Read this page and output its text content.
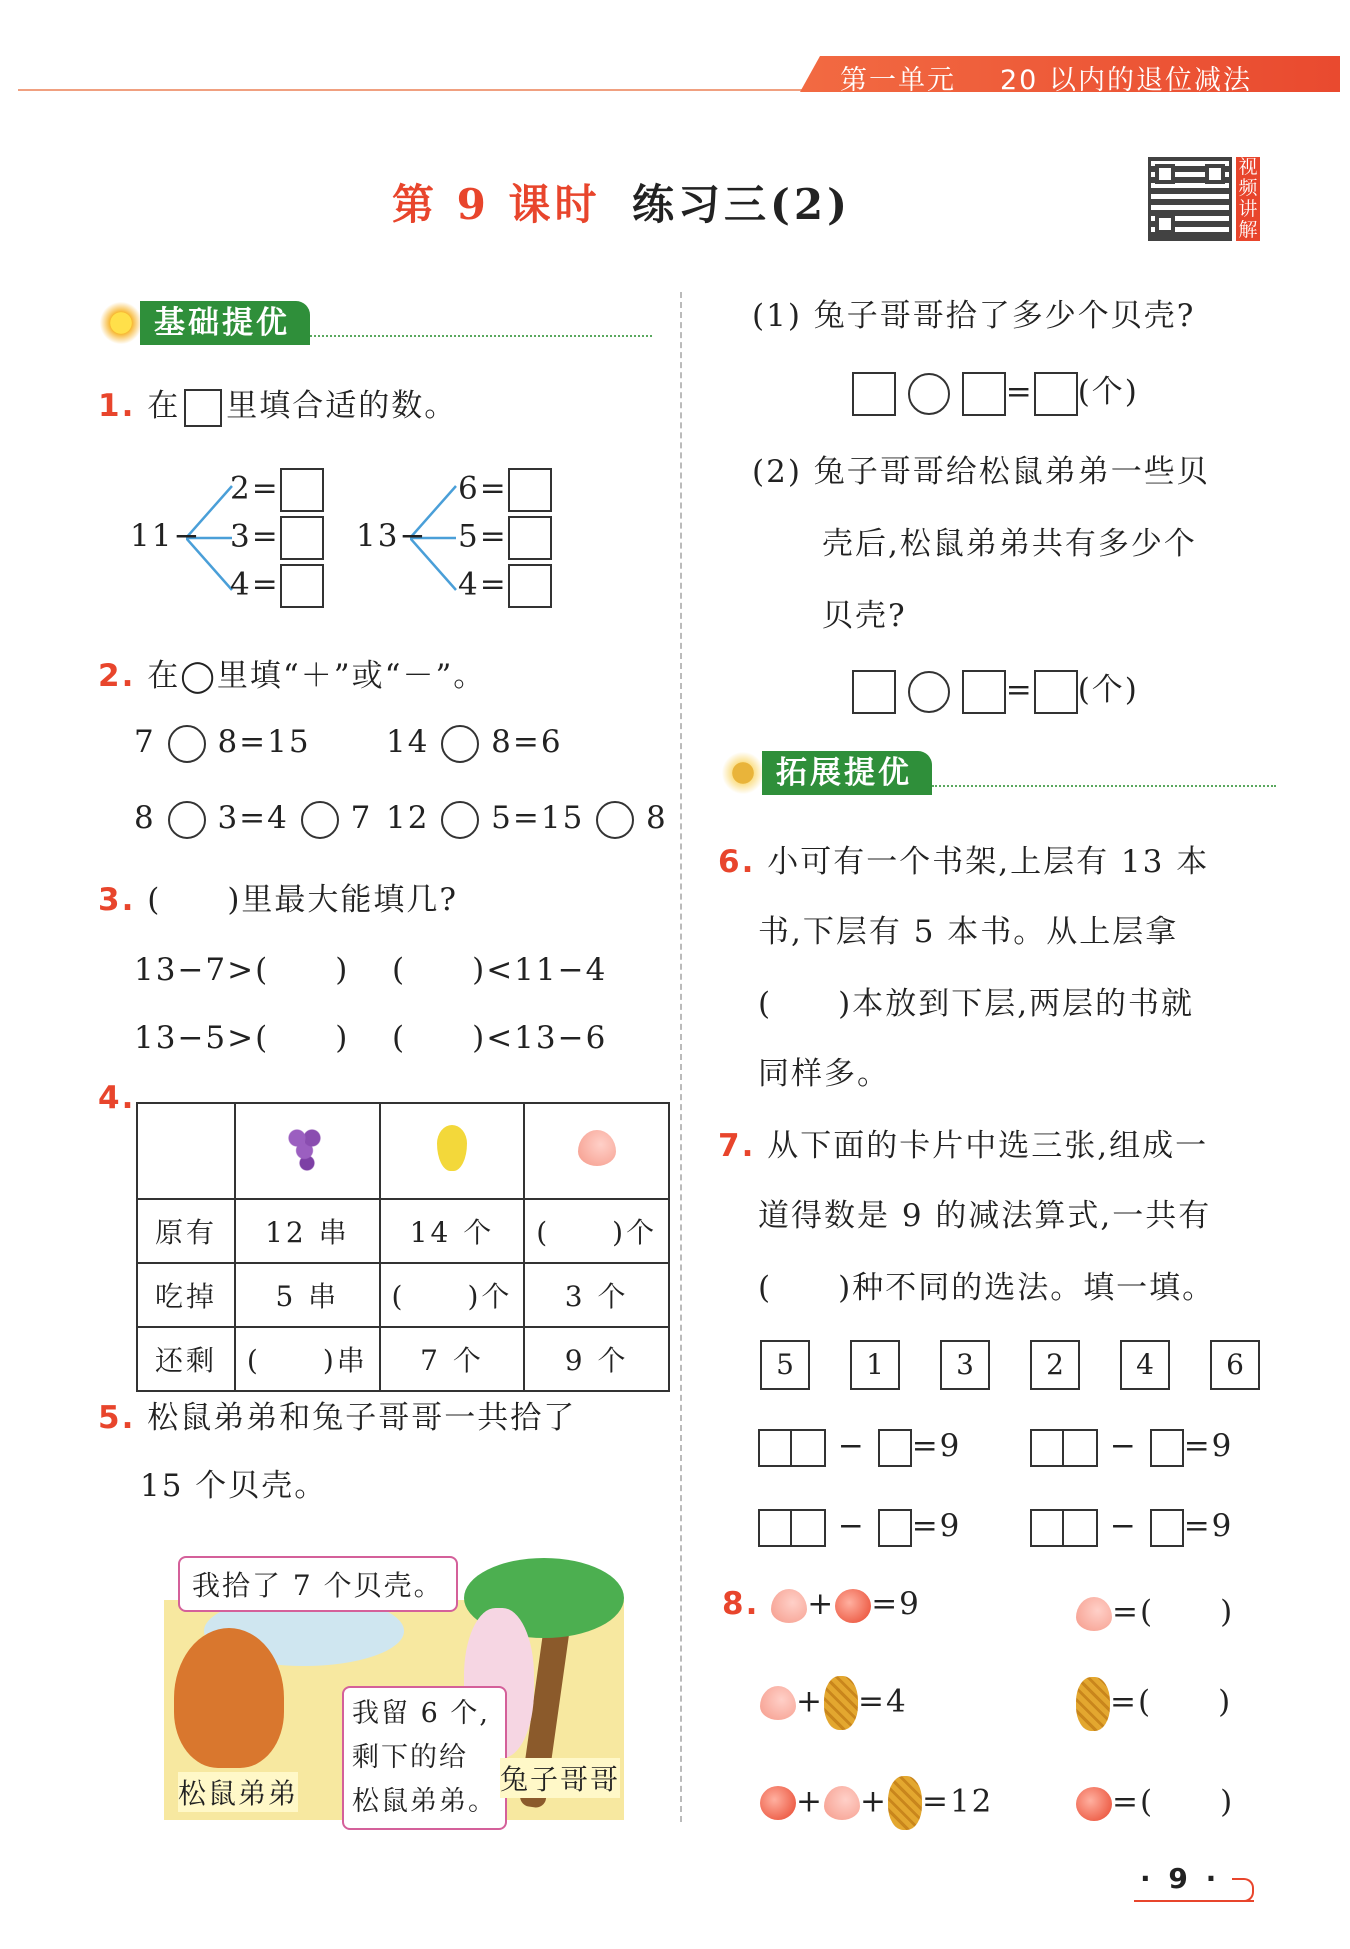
第一单元 20 以内的退位减法
第 9 课时 练习三(2)
视频讲解
基础提优
1. 在 里填合适的数。
11−
2=
3=
4=
13−
6=
5=
4=
2. 在◯里填“＋”或“－”。
7 8=15 14 8=6
8 3=4 7 12 5=15 8
3. (　　)里最大能填几?
13−7>(　　) (　　)<11−4
13−5>(　　) (　　)<13−6
4.

原有	12 串	14 个	(　　)个
吃掉	5 串	(　　)个	3 个
还剩	(　　)串	7 个	9 个
5. 松鼠弟弟和兔子哥哥一共拾了
15 个贝壳。
我拾了 7 个贝壳。
我留 6 个,
剩下的给
松鼠弟弟。
松鼠弟弟	兔子哥哥
(1) 兔子哥哥拾了多少个贝壳?
= (个)
(2) 兔子哥哥给松鼠弟弟一些贝
壳后,松鼠弟弟共有多少个
贝壳?
= (个)
拓展提优
6. 小可有一个书架,上层有 13 本
书,下层有 5 本书。从上层拿
(　　)本放到下层,两层的书就
同样多。
7. 从下面的卡片中选三张,组成一
道得数是 9 的减法算式,一共有
(　　)种不同的选法。填一填。
5	1	3	2	4	6
− =9	− =9
− =9	− =9
8. + =9	=(　　)
+ =4	=(　　)
+ + =12	=(　　)
· 9 ·
